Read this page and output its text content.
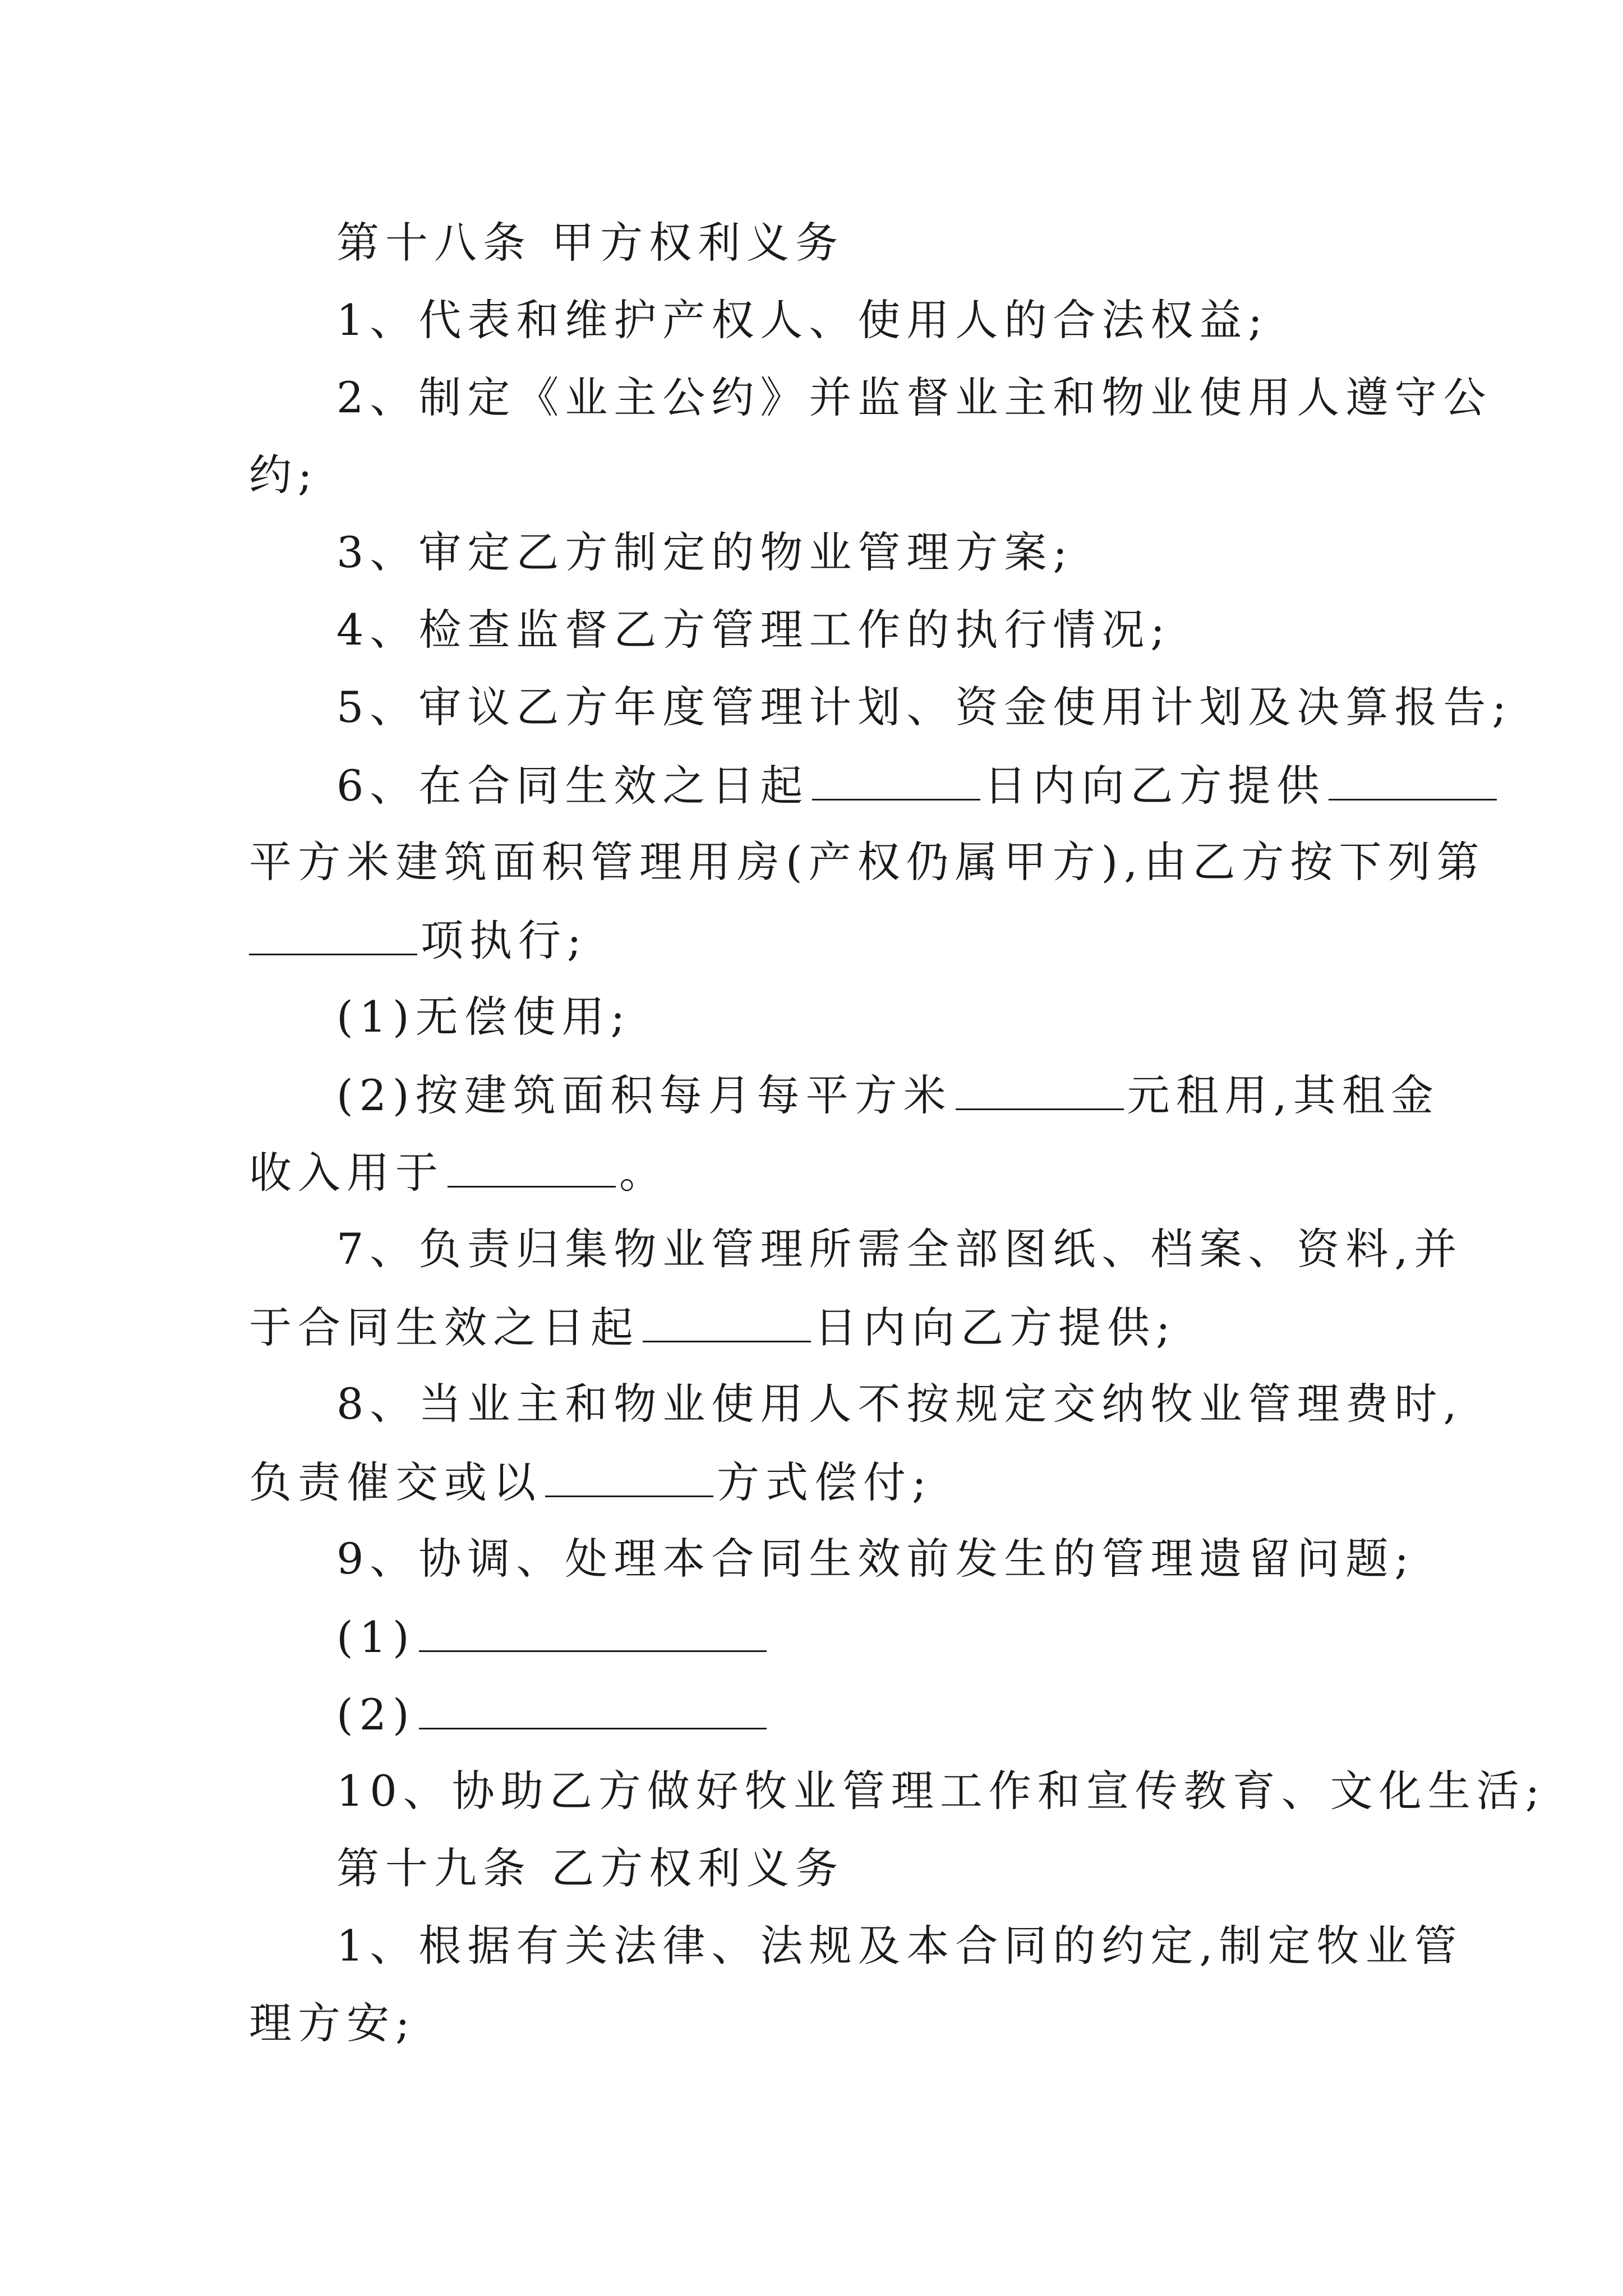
第十八条 甲方权利义务
1、代表和维护产权人、使用人的合法权益;
2、制定《业主公约》并监督业主和物业使用人遵守公
约;
3、审定乙方制定的物业管理方案;
4、检查监督乙方管理工作的执行情况;
5、审议乙方年度管理计划、资金使用计划及决算报告;
6、在合同生效之日起	日内向乙方提供
平方米建筑面积管理用房(产权仍属甲方),由乙方按下列第
项执行;
(1)无偿使用;
(2)按建筑面积每月每平方米	元租用,其租金
收入用于	。
7、负责归集物业管理所需全部图纸、档案、资料,并
于合同生效之日起	日内向乙方提供;
8、当业主和物业使用人不按规定交纳牧业管理费时,
负责催交或以	方式偿付;
9、协调、处理本合同生效前发生的管理遗留问题;
(1)
(2)
10、协助乙方做好牧业管理工作和宣传教育、文化生活;
第十九条 乙方权利义务
1、根据有关法律、法规及本合同的约定,制定牧业管
理方安;
